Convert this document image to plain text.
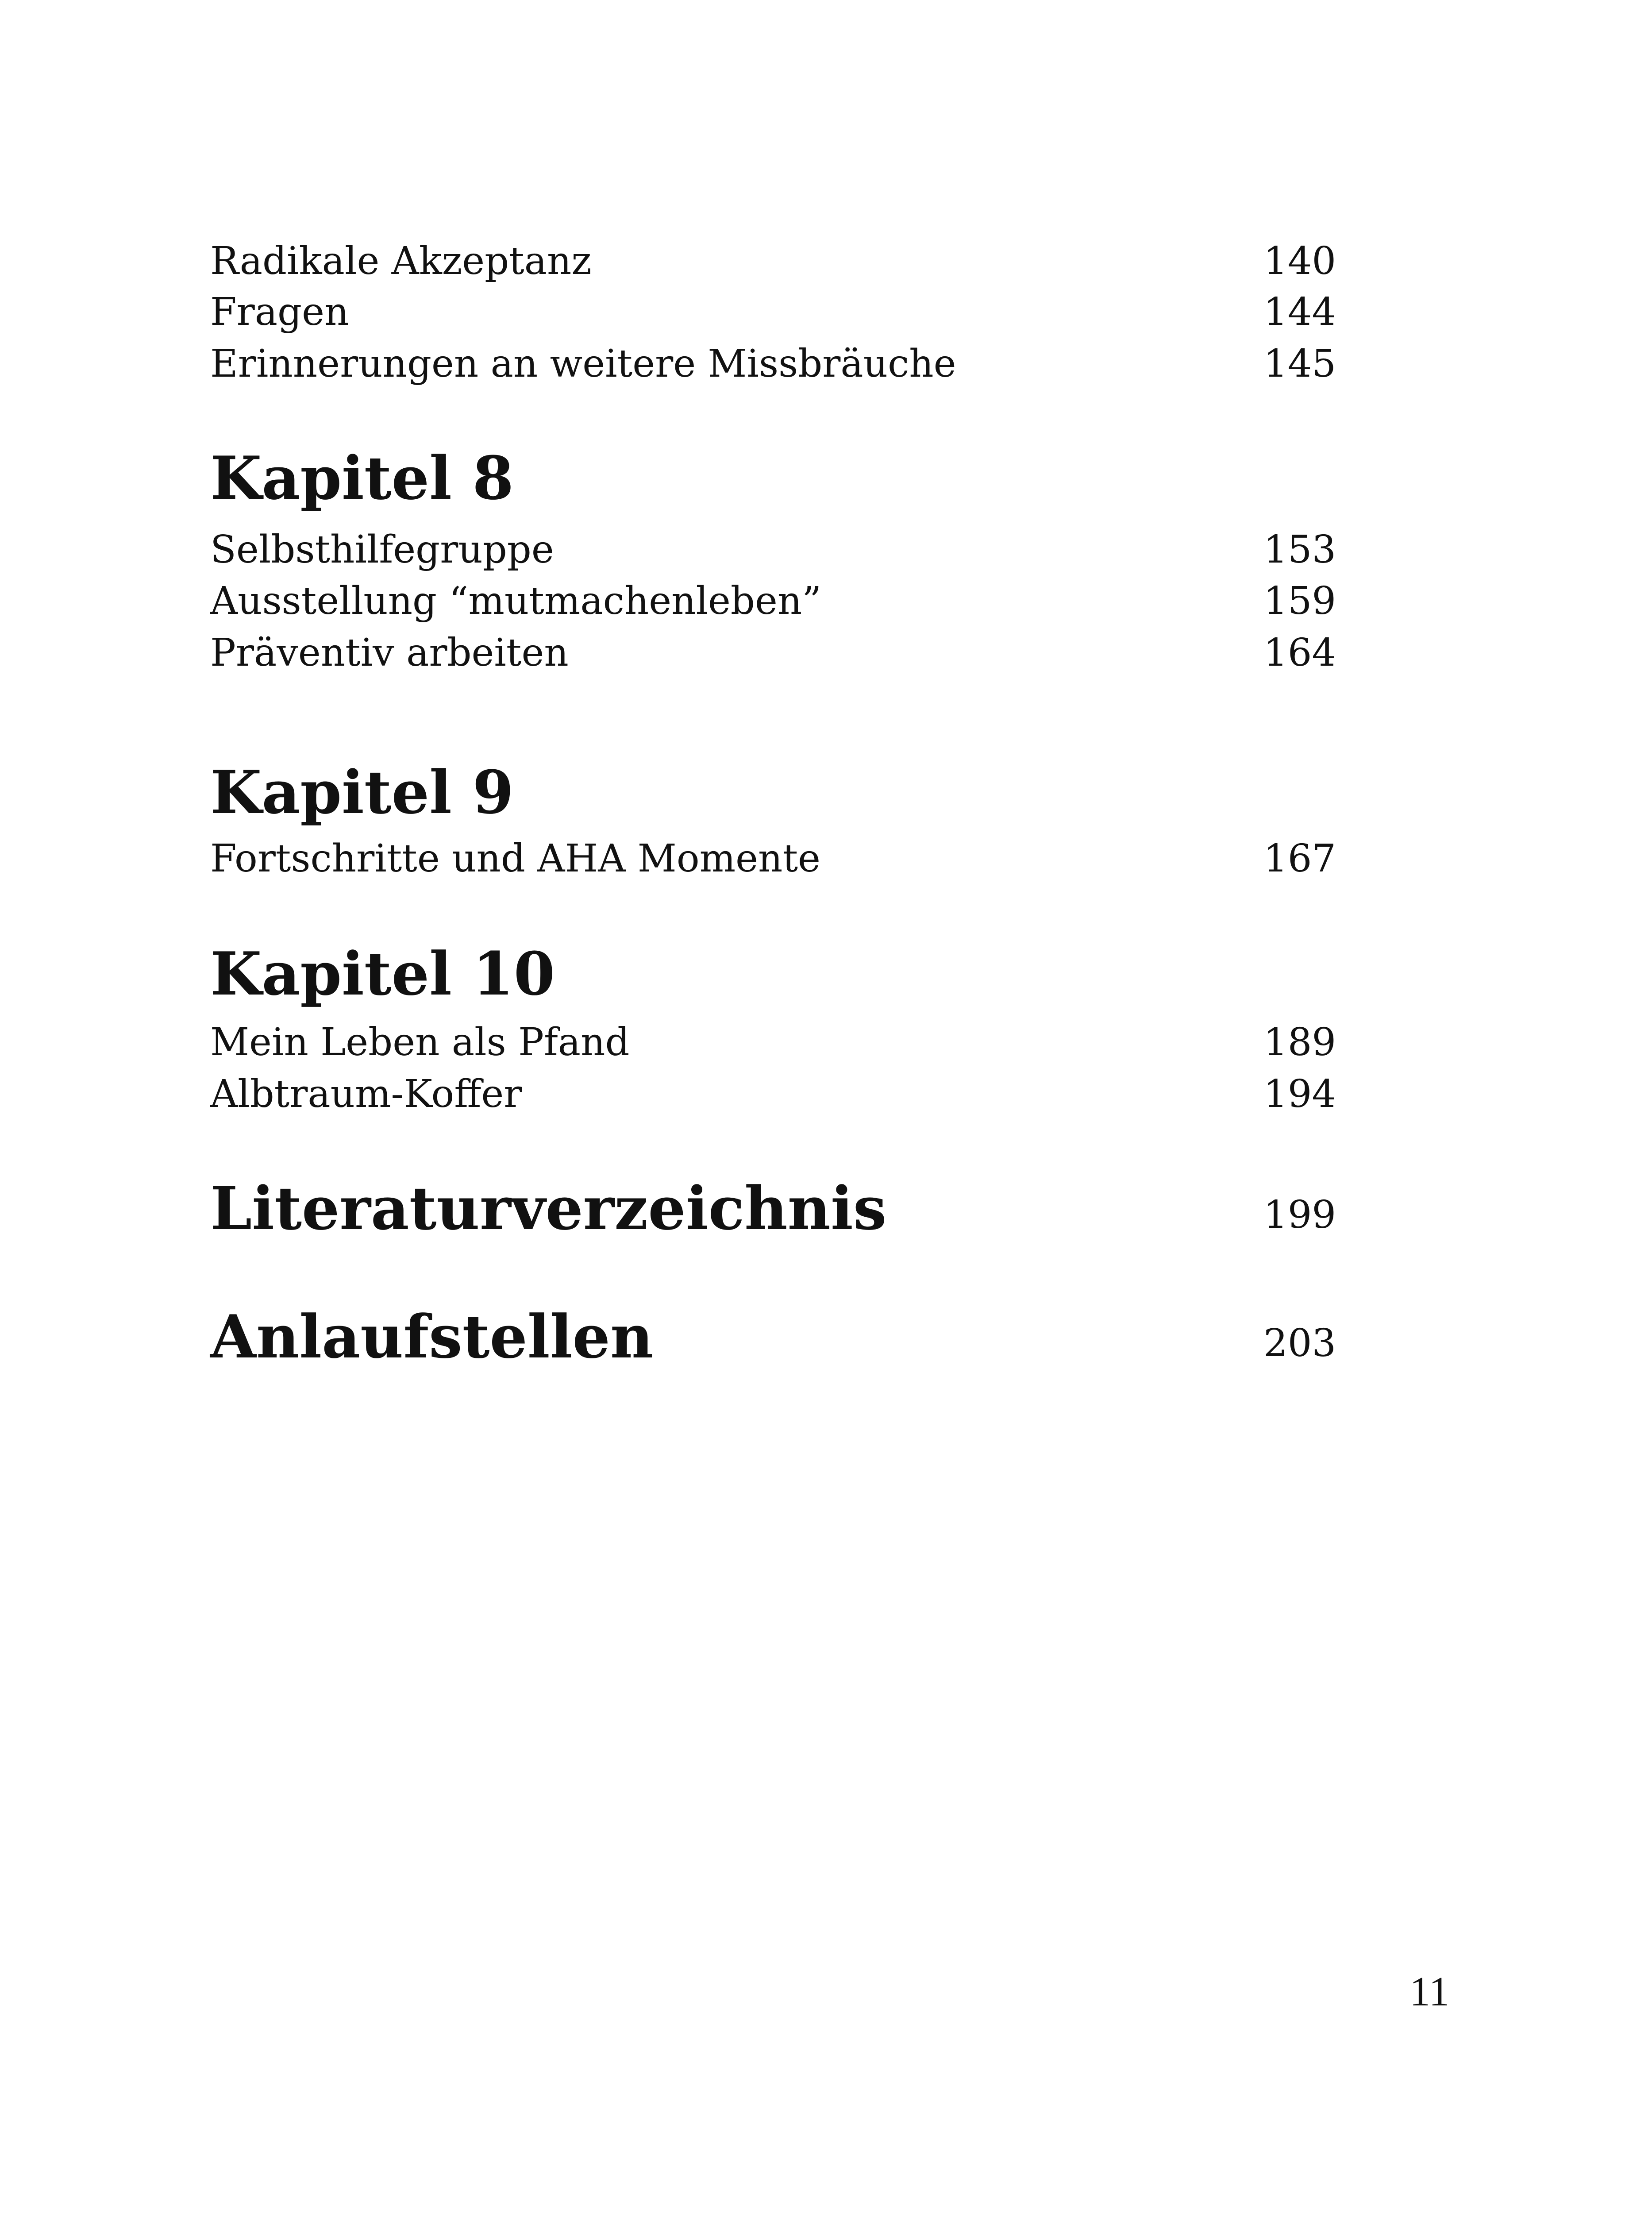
Radikale Akzeptanz	140
Fragen	144
Erinnerungen an weitere Missbräuche	145
Kapitel 8
Selbsthilfegruppe	153
Ausstellung “mutmachenleben”	159
Präventiv arbeiten	164
Kapitel 9
Fortschritte und AHA Momente	167
Kapitel 10
Mein Leben als Pfand	189
Albtraum-Koffer	194
Literaturverzeichnis	199
Anlaufstellen	203
11
